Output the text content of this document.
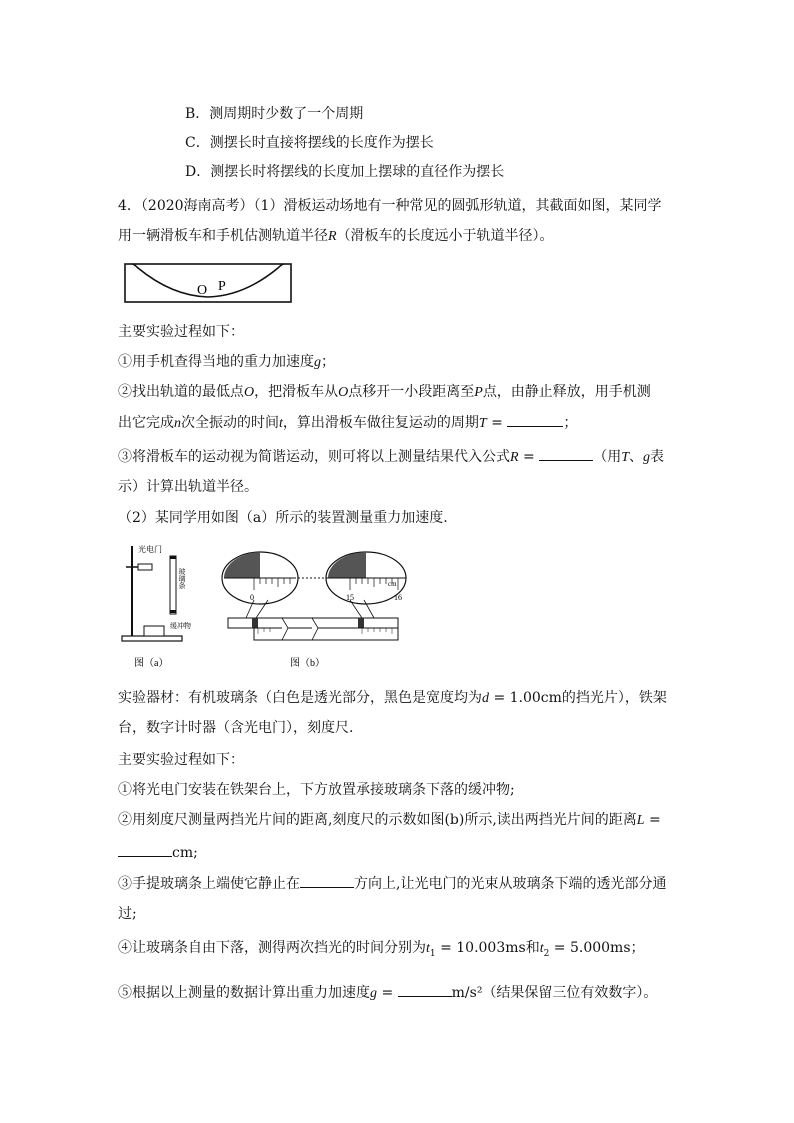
B．测周期时少数了一个周期
C．测摆长时直接将摆线的长度作为摆长
D．测摆长时将摆线的长度加上摆球的直径作为摆长
4．（2020海南高考）（1）滑板运动场地有一种常见的圆弧形轨道，其截面如图，某同学
用一辆滑板车和手机估测轨道半径R（滑板车的长度远小于轨道半径）。
O P
主要实验过程如下：
①用手机查得当地的重力加速度g；
②找出轨道的最低点O，把滑板车从O点移开一小段距离至P点，由静止释放，用手机测
出它完成n次全振动的时间t，算出滑板车做往复运动的周期T =	；
③将滑板车的运动视为简谐运动，则可将以上测量结果代入公式R =	（用T、g表
示）计算出轨道半径。
（2）某同学用如图（a）所示的装置测量重力加速度.
光电门
玻璃条
缓冲物
图（a）
0	15	16
cm
图（b）
实验器材：有机玻璃条（白色是透光部分，黑色是宽度均为d = 1.00cm的挡光片），铁架
台，数字计时器（含光电门），刻度尺.
主要实验过程如下：
①将光电门安装在铁架台上，下方放置承接玻璃条下落的缓冲物;
②用刻度尺测量两挡光片间的距离,刻度尺的示数如图(b)所示,读出两挡光片间的距离L =
cm;
③手提玻璃条上端使它静止在	方向上,让光电门的光束从玻璃条下端的透光部分通
过;
④让玻璃条自由下落，测得两次挡光的时间分别为$t_1 = 10.003ms$和$t_2 = 5.000ms$；
⑤根据以上测量的数据计算出重力加速度g =	m/s²（结果保留三位有效数字）。
